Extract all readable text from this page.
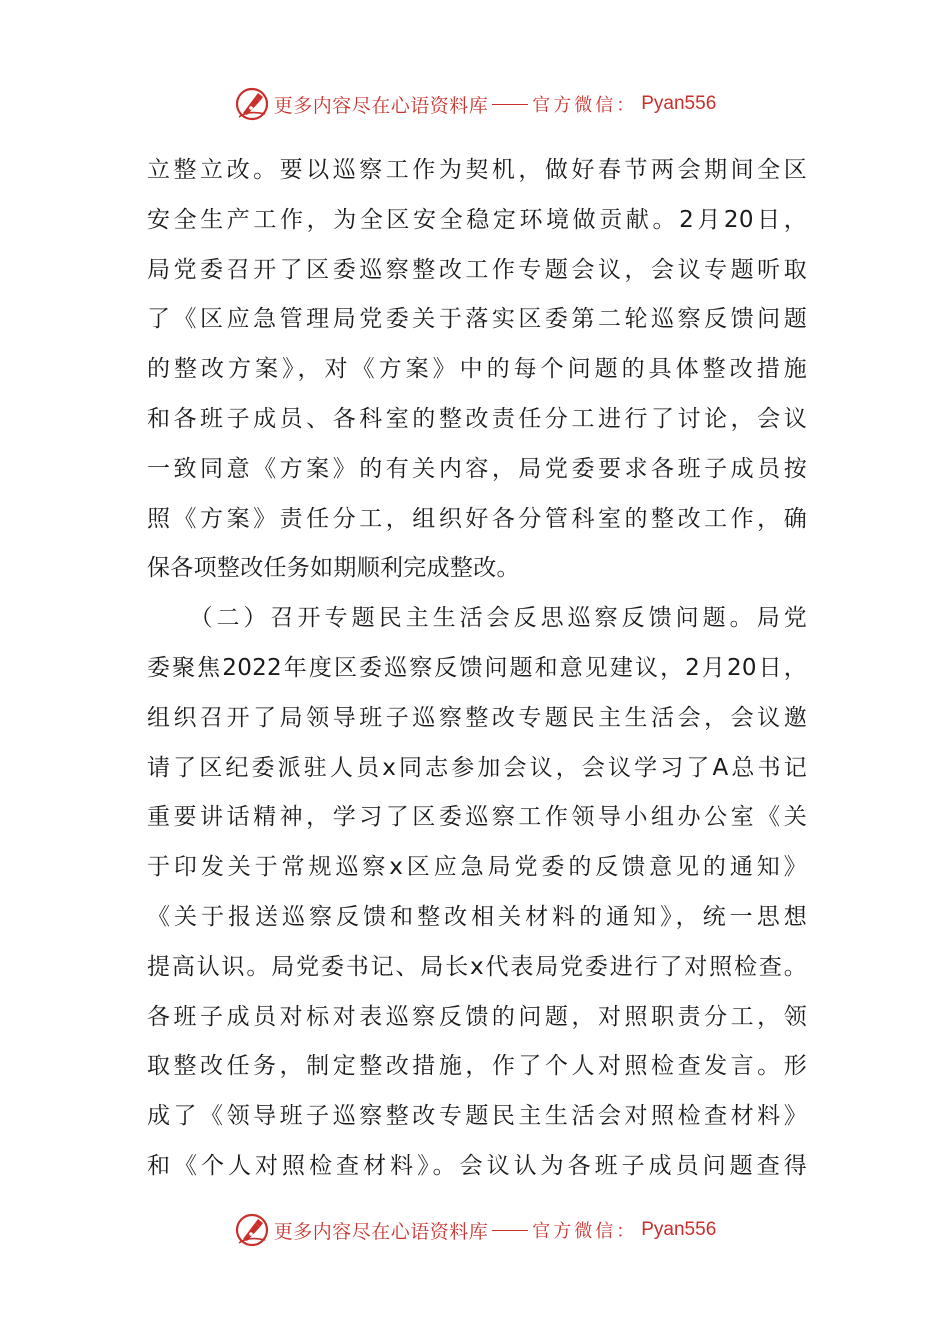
更多内容尽在心语资料库 官方微信： Pyan556
立整立改。要以巡察工作为契机，做好春节两会期间全区
安全生产工作，为全区安全稳定环境做贡献。2月20日，
局党委召开了区委巡察整改工作专题会议，会议专题听取
了《区应急管理局党委关于落实区委第二轮巡察反馈问题
的整改方案》，对《方案》中的每个问题的具体整改措施
和各班子成员、各科室的整改责任分工进行了讨论，会议
一致同意《方案》的有关内容，局党委要求各班子成员按
照《方案》责任分工，组织好各分管科室的整改工作，确
保各项整改任务如期顺利完成整改。
　　（二）召开专题民主生活会反思巡察反馈问题。局党
委聚焦2022年度区委巡察反馈问题和意见建议，2月20日，
组织召开了局领导班子巡察整改专题民主生活会，会议邀
请了区纪委派驻人员x同志参加会议，会议学习了A总书记
重要讲话精神，学习了区委巡察工作领导小组办公室《关
于印发关于常规巡察x区应急局党委的反馈意见的通知》
《关于报送巡察反馈和整改相关材料的通知》，统一思想
提高认识。局党委书记、局长x代表局党委进行了对照检查。
各班子成员对标对表巡察反馈的问题，对照职责分工，领
取整改任务，制定整改措施，作了个人对照检查发言。形
成了《领导班子巡察整改专题民主生活会对照检查材料》
和《个人对照检查材料》。会议认为各班子成员问题查得
更多内容尽在心语资料库 官方微信： Pyan556
